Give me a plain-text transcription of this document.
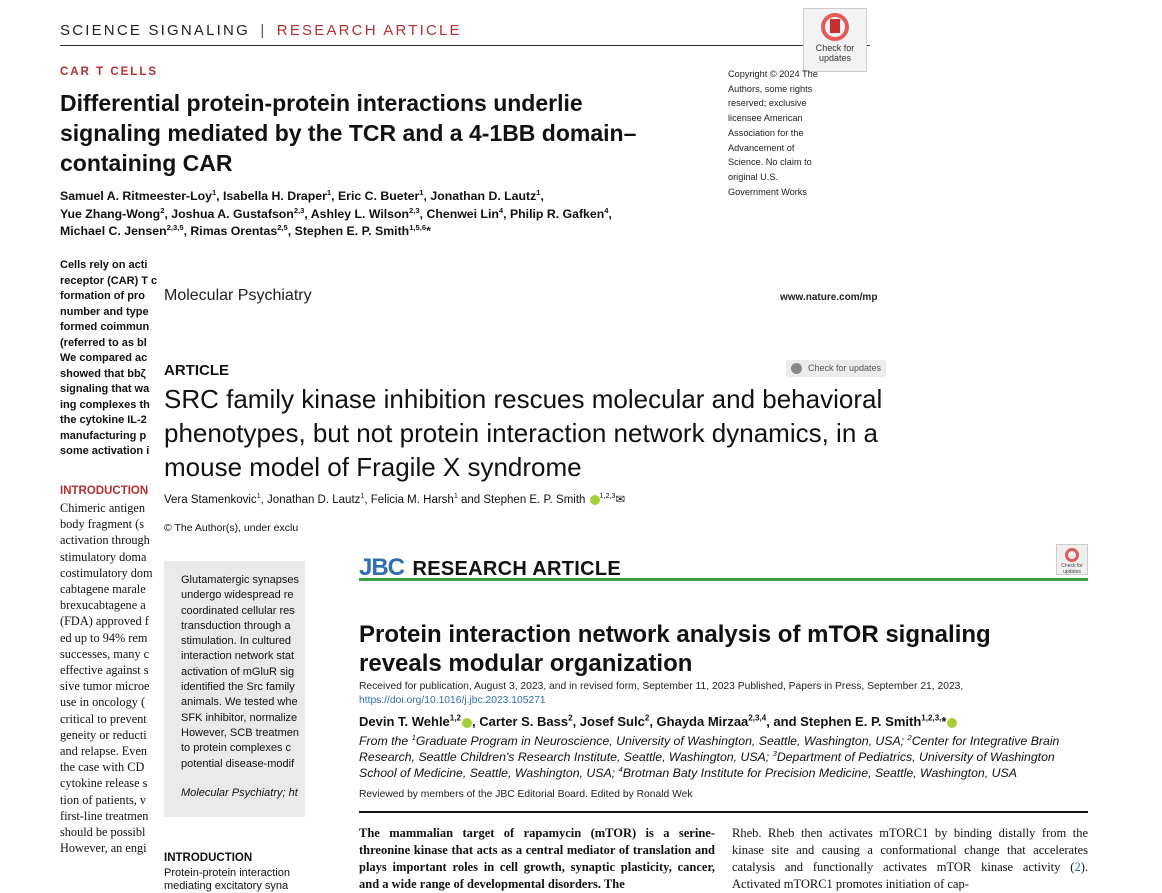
SCIENCE SIGNALING | RESEARCH ARTICLE
Check for updates
CAR T CELLS
Differential protein-protein interactions underlie signaling mediated by the TCR and a 4-1BB domain–containing CAR
Copyright © 2024 The Authors, some rights reserved; exclusive licensee American Association for the Advancement of Science. No claim to original U.S. Government Works
Samuel A. Ritmeester-Loy$^1$, Isabella H. Draper$^1$, Eric C. Bueter$^1$, Jonathan D. Lautz$^1$,
Yue Zhang-Wong$^2$, Joshua A. Gustafson$^{2,3}$, Ashley L. Wilson$^{2,3}$, Chenwei Lin$^4$, Philip R. Gafken$^4$,
Michael C. Jensen$^{2,3,5}$, Rimas Orentas$^{2,5}$, Stephen E. P. Smith$^{1,5,6}$*
Cells rely on acti
receptor (CAR) T c
formation of pro
number and type
formed coimmun
(referred to as bl
We compared ac
showed that bbζ
signaling that wa
ing complexes th
the cytokine IL-2
manufacturing p
some activation i
INTRODUCTION
Chimeric antigen
body fragment (s
activation through
stimulatory doma
costimulatory dom
cabtagene marale
brexucabtagene a
(FDA) approved f
ed up to 94% rem
successes, many c
effective against s
sive tumor microe
use in oncology (
critical to prevent
geneity or reducti
and relapse. Even
the case with CD
cytokine release s
tion of patients, v
first-line treatmen
should be possibl
However, an engi
Molecular Psychiatry	www.nature.com/mp
Check for updates
ARTICLE
SRC family kinase inhibition rescues molecular and behavioral phenotypes, but not protein interaction network dynamics, in a mouse model of Fragile X syndrome
Vera Stamenkovic$^1$, Jonathan D. Lautz$^1$, Felicia M. Harsh$^1$ and Stephen E. P. Smith $^{1,2,3}$✉
© The Author(s), under exclu
Glutamatergic synapses
undergo widespread re
coordinated cellular res
transduction through a
stimulation. In cultured
interaction network stat
activation of mGluR sig
identified the Src family
animals. We tested whe
SFK inhibitor, normalize
However, SCB treatmen
to protein complexes c
potential disease-modif
Molecular Psychiatry; ht
INTRODUCTION
Protein-protein interaction
mediating excitatory syna
JBC RESEARCH ARTICLE	Check for updates
Protein interaction network analysis of mTOR signaling reveals modular organization
Received for publication, August 3, 2023, and in revised form, September 11, 2023 Published, Papers in Press, September 21, 2023,
https://doi.org/10.1016/j.jbc.2023.105271
Devin T. Wehle$^{1,2}$ , Carter S. Bass$^2$, Josef Sulc$^2$, Ghayda Mirzaa$^{2,3,4}$, and Stephen E. P. Smith$^{1,2,3,}$*
From the $^1$Graduate Program in Neuroscience, University of Washington, Seattle, Washington, USA; $^2$Center for Integrative Brain Research, Seattle Children's Research Institute, Seattle, Washington, USA; $^3$Department of Pediatrics, University of Washington School of Medicine, Seattle, Washington, USA; $^4$Brotman Baty Institute for Precision Medicine, Seattle, Washington, USA
Reviewed by members of the JBC Editorial Board. Edited by Ronald Wek
The mammalian target of rapamycin (mTOR) is a serine-threonine kinase that acts as a central mediator of translation and plays important roles in cell growth, synaptic plasticity, cancer, and a wide range of developmental disorders. The
Rheb. Rheb then activates mTORC1 by binding distally from the kinase site and causing a conformational change that accelerates catalysis and functionally activates mTOR kinase activity (2). Activated mTORC1 promotes initiation of cap-
